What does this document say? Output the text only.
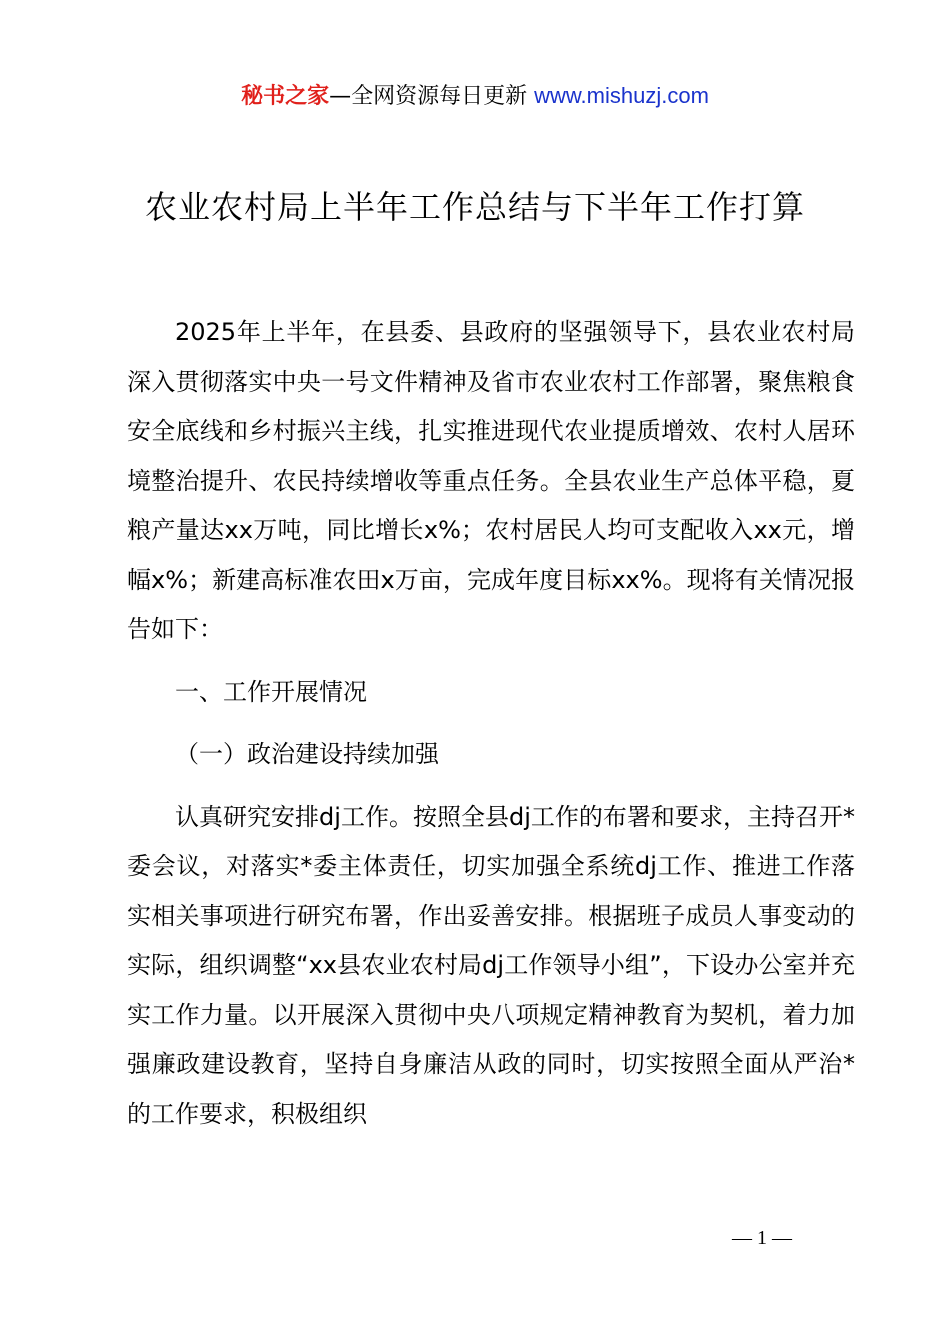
秘书之家—全网资源每日更新 www.mishuzj.com
农业农村局上半年工作总结与下半年工作打算

2025年上半年，在县委、县政府的坚强领导下，县农业农村局深入贯彻落实中央一号文件精神及省市农业农村工作部署，聚焦粮食安全底线和乡村振兴主线，扎实推进现代农业提质增效、农村人居环境整治提升、农民持续增收等重点任务。全县农业生产总体平稳，夏粮产量达xx万吨，同比增长x%；农村居民人均可支配收入xx元，增幅x%；新建高标准农田x万亩，完成年度目标xx%。现将有关情况报告如下：

一、工作开展情况

（一）政治建设持续加强

认真研究安排dj工作。按照全县dj工作的布署和要求，主持召开*委会议，对落实*委主体责任，切实加强全系统dj工作、推进工作落实相关事项进行研究布署，作出妥善安排。根据班子成员人事变动的实际，组织调整“xx县农业农村局dj工作领导小组”，下设办公室并充实工作力量。以开展深入贯彻中央八项规定精神教育为契机，着力加强廉政建设教育，坚持自身廉洁从政的同时，切实按照全面从严治*的工作要求，积极组织

— 1 —
